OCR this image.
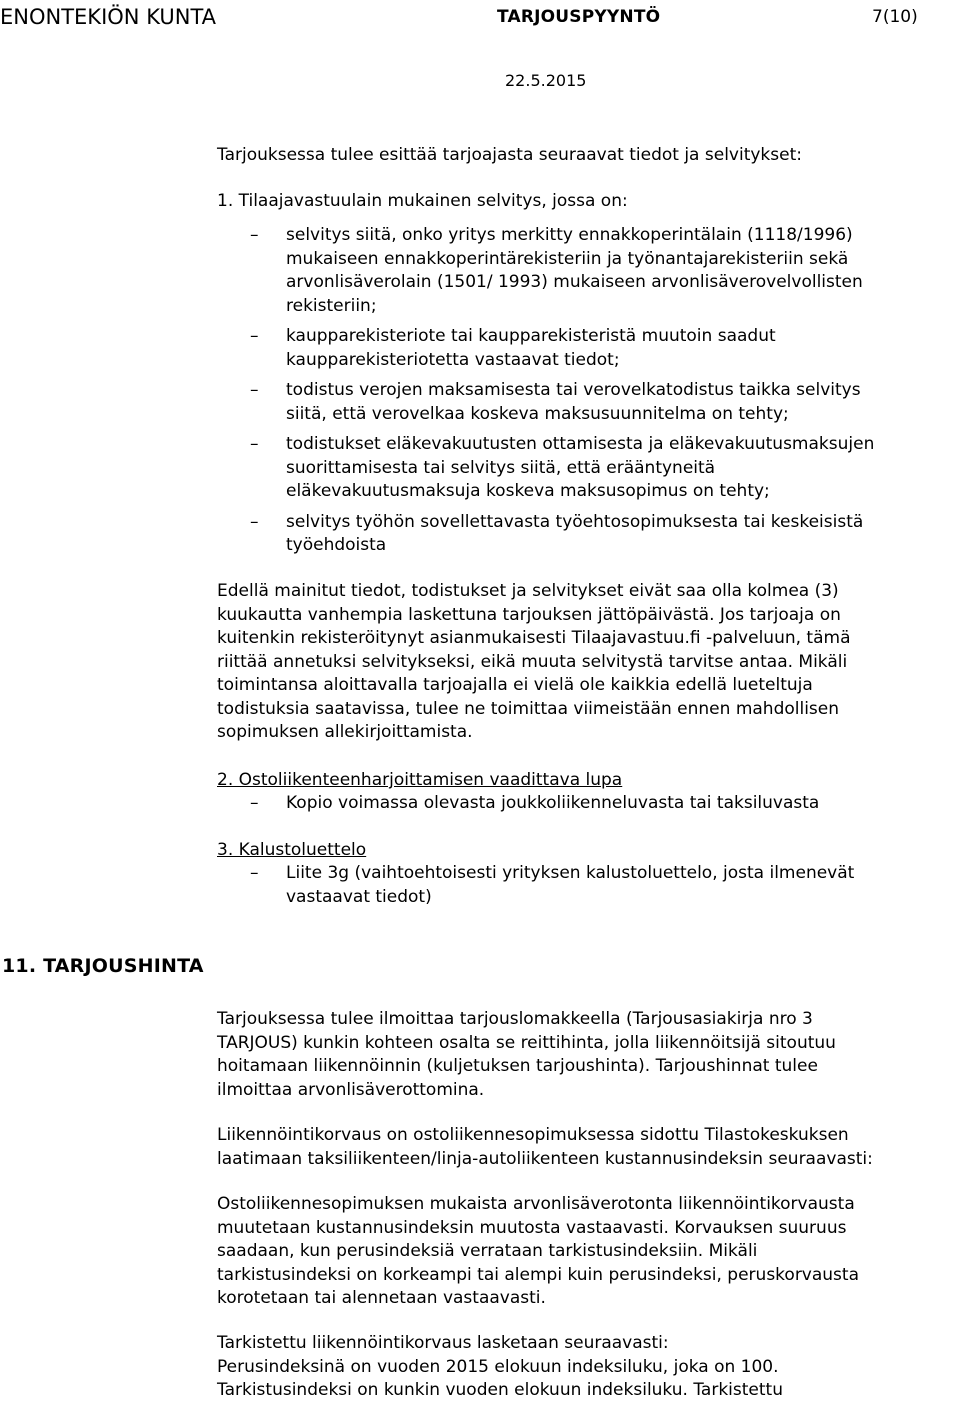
ENONTEKIÖN KUNTA	TARJOUSPYYNTÖ	7(10)
22.5.2015
Tarjouksessa tulee esittää tarjoajasta seuraavat tiedot ja selvitykset:
1. Tilaajavastuulain mukainen selvitys, jossa on:
–	selvitys siitä, onko yritys merkitty ennakkoperintälain (1118/1996)
mukaiseen ennakkoperintärekisteriin ja työnantajarekisteriin sekä
arvonlisäverolain (1501/ 1993) mukaiseen arvonlisäverovelvollisten
rekisteriin;
–	kaupparekisteriote tai kaupparekisteristä muutoin saadut
kaupparekisteriotetta vastaavat tiedot;
–	todistus verojen maksamisesta tai verovelkatodistus taikka selvitys
siitä, että verovelkaa koskeva maksusuunnitelma on tehty;
–	todistukset eläkevakuutusten ottamisesta ja eläkevakuutusmaksujen
suorittamisesta tai selvitys siitä, että erääntyneitä
eläkevakuutusmaksuja koskeva maksusopimus on tehty;
–	selvitys työhön sovellettavasta työehtosopimuksesta tai keskeisistä
työehdoista
Edellä mainitut tiedot, todistukset ja selvitykset eivät saa olla kolmea (3)
kuukautta vanhempia laskettuna tarjouksen jättöpäivästä. Jos tarjoaja on
kuitenkin rekisteröitynyt asianmukaisesti Tilaajavastuu.fi -palveluun, tämä
riittää annetuksi selvitykseksi, eikä muuta selvitystä tarvitse antaa. Mikäli
toimintansa aloittavalla tarjoajalla ei vielä ole kaikkia edellä lueteltuja
todistuksia saatavissa, tulee ne toimittaa viimeistään ennen mahdollisen
sopimuksen allekirjoittamista.
2. Ostoliikenteenharjoittamisen vaadittava lupa
–	Kopio voimassa olevasta joukkoliikenneluvasta tai taksiluvasta
3. Kalustoluettelo
–	Liite 3g (vaihtoehtoisesti yrityksen kalustoluettelo, josta ilmenevät
vastaavat tiedot)
11. TARJOUSHINTA
Tarjouksessa tulee ilmoittaa tarjouslomakkeella (Tarjousasiakirja nro 3
TARJOUS) kunkin kohteen osalta se reittihinta, jolla liikennöitsijä sitoutuu
hoitamaan liikennöinnin (kuljetuksen tarjoushinta). Tarjoushinnat tulee
ilmoittaa arvonlisäverottomina.
Liikennöintikorvaus on ostoliikennesopimuksessa sidottu Tilastokeskuksen
laatimaan taksiliikenteen/linja-autoliikenteen kustannusindeksin seuraavasti:
Ostoliikennesopimuksen mukaista arvonlisäverotonta liikennöintikorvausta
muutetaan kustannusindeksin muutosta vastaavasti. Korvauksen suuruus
saadaan, kun perusindeksiä verrataan tarkistusindeksiin. Mikäli
tarkistusindeksi on korkeampi tai alempi kuin perusindeksi, peruskorvausta
korotetaan tai alennetaan vastaavasti.
Tarkistettu liikennöintikorvaus lasketaan seuraavasti:
Perusindeksinä on vuoden 2015 elokuun indeksiluku, joka on 100.
Tarkistusindeksi on kunkin vuoden elokuun indeksiluku. Tarkistettu
